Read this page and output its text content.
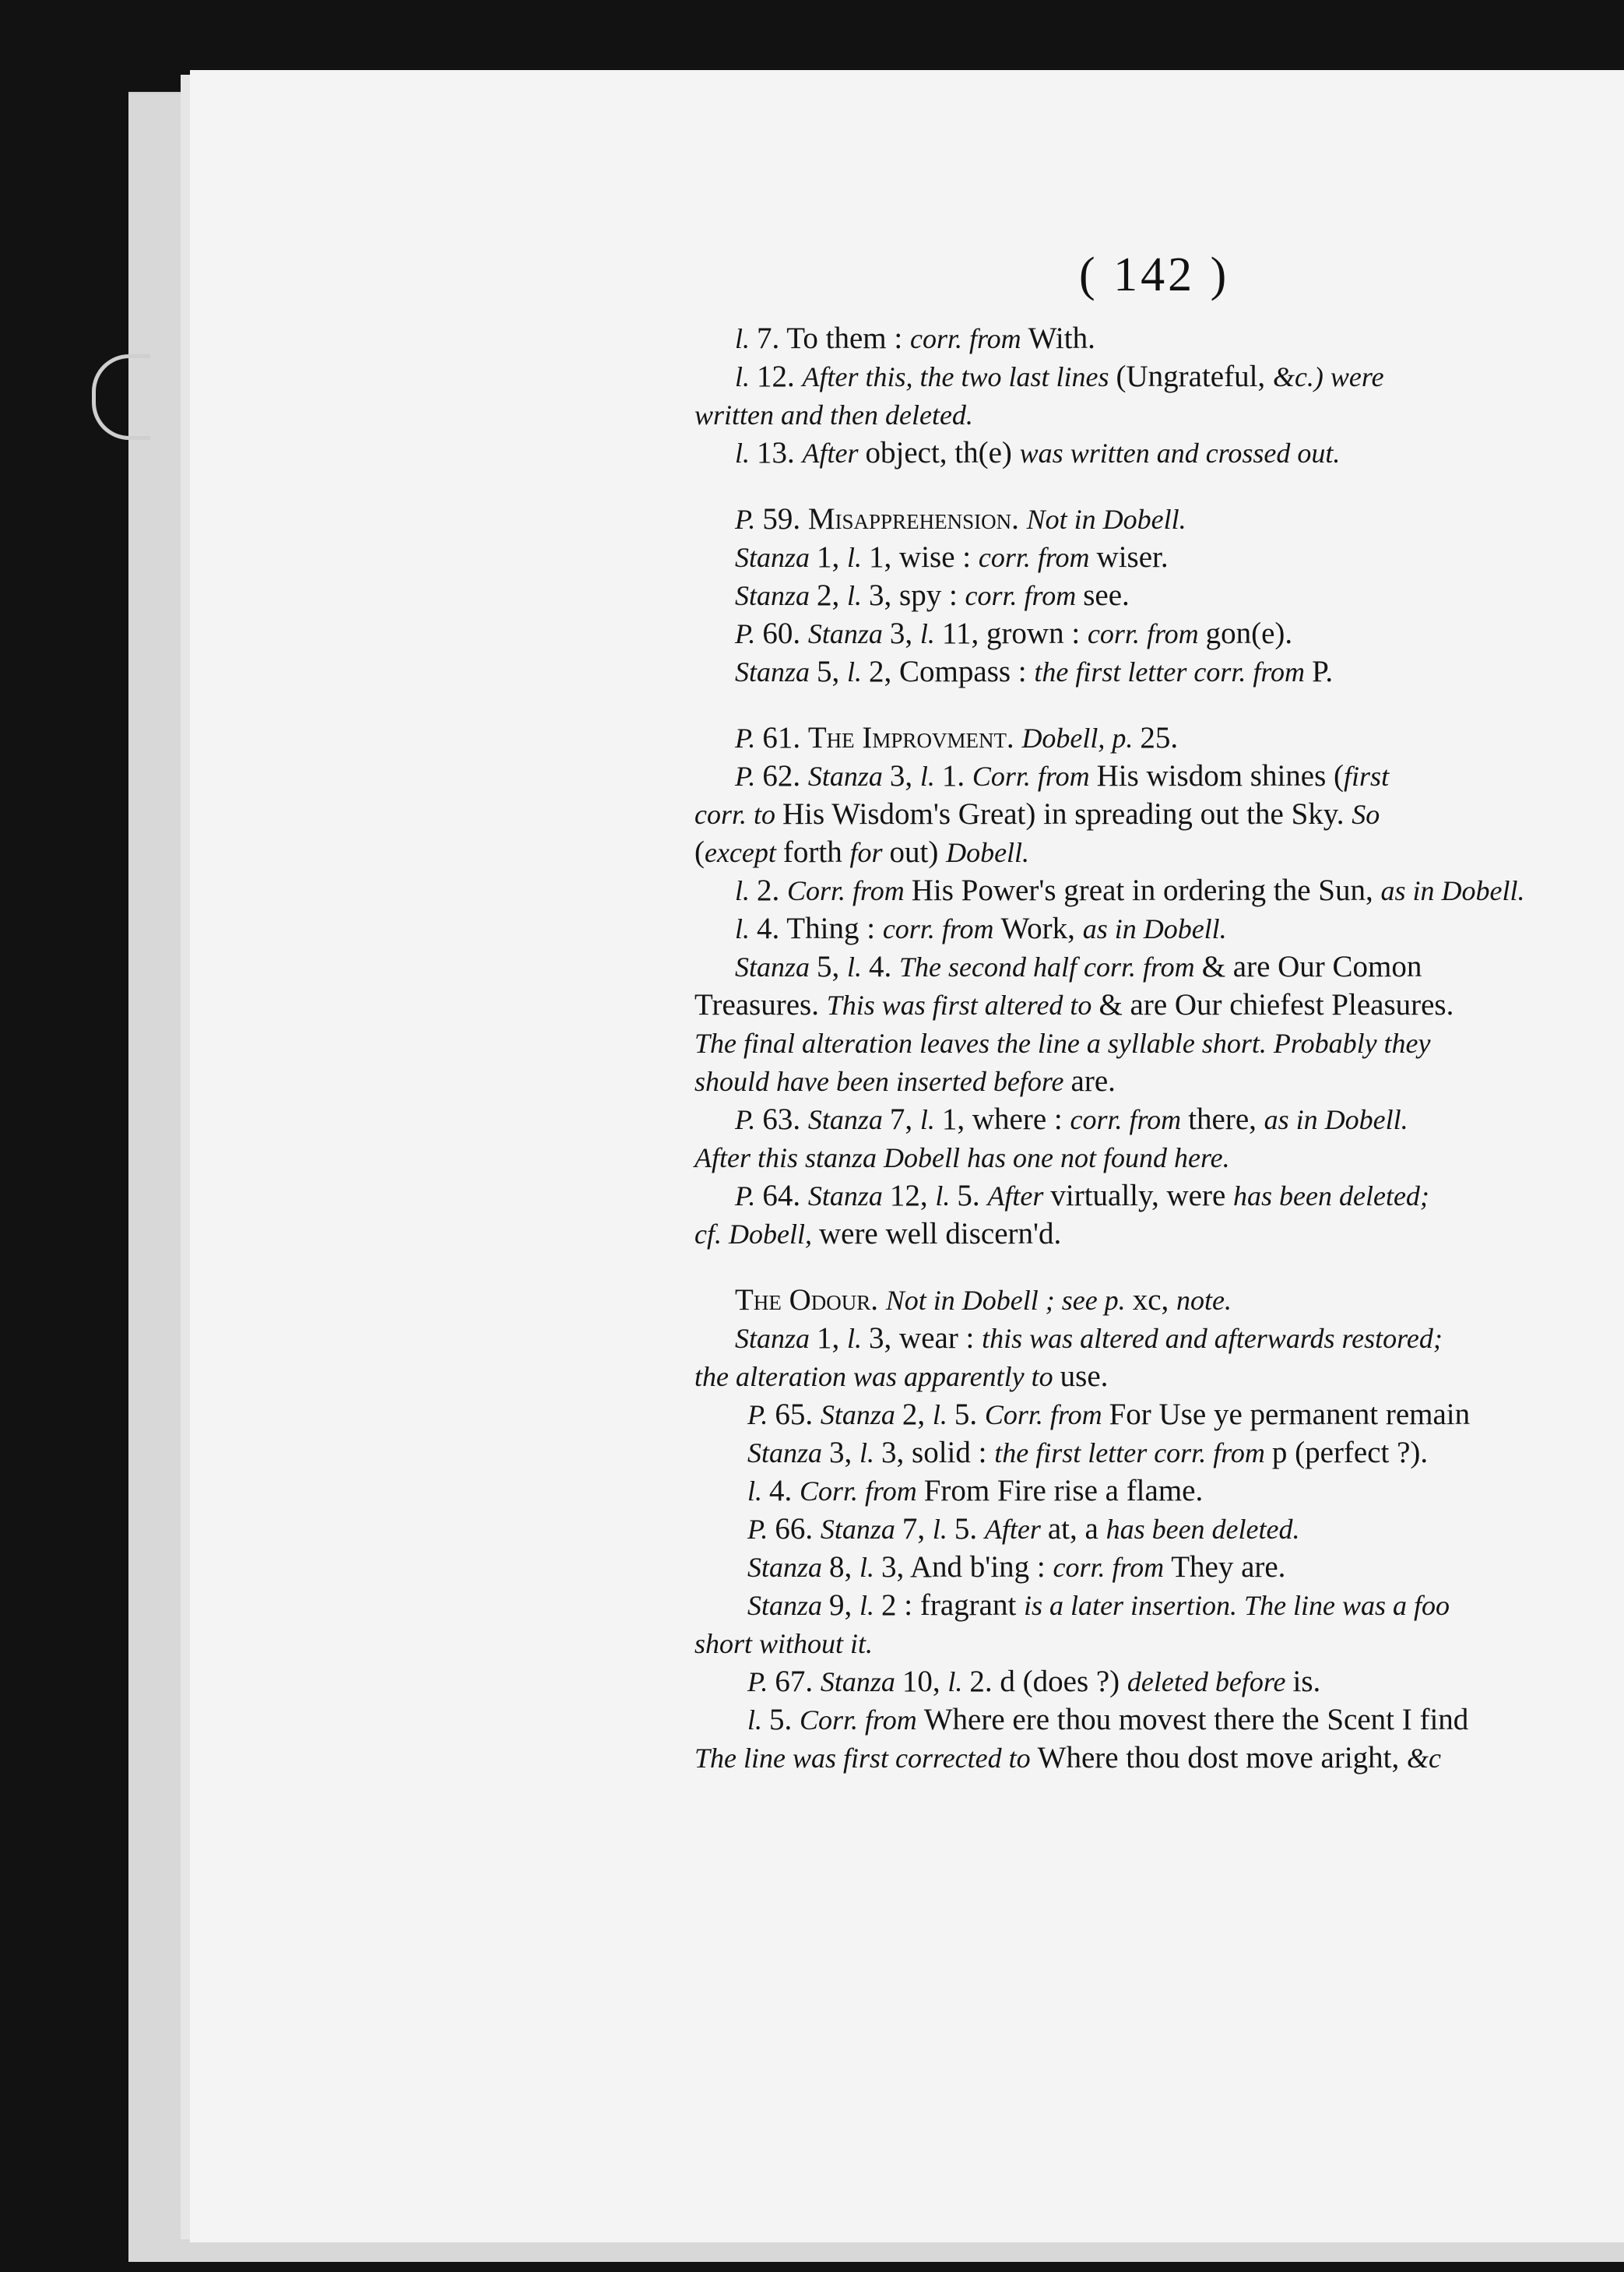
( 142 )
l. 7. To them : corr. from With.
l. 12. After this, the two last lines (Ungrateful, &c.) were
written and then deleted.
l. 13. After object, th(e) was written and crossed out.
P. 59. Misapprehension. Not in Dobell.
Stanza 1, l. 1, wise : corr. from wiser.
Stanza 2, l. 3, spy : corr. from see.
P. 60. Stanza 3, l. 11, grown : corr. from gon(e).
Stanza 5, l. 2, Compass : the first letter corr. from P.
P. 61. The Improvment. Dobell, p. 25.
P. 62. Stanza 3, l. 1. Corr. from His wisdom shines (first
corr. to His Wisdom's Great) in spreading out the Sky. So
(except forth for out) Dobell.
l. 2. Corr. from His Power's great in ordering the Sun, as in Dobell.
l. 4. Thing : corr. from Work, as in Dobell.
Stanza 5, l. 4. The second half corr. from & are Our Comon
Treasures. This was first altered to & are Our chiefest Pleasures.
The final alteration leaves the line a syllable short. Probably they
should have been inserted before are.
P. 63. Stanza 7, l. 1, where : corr. from there, as in Dobell.
After this stanza Dobell has one not found here.
P. 64. Stanza 12, l. 5. After virtually, were has been deleted;
cf. Dobell, were well discern'd.
The Odour. Not in Dobell ; see p. xc, note.
Stanza 1, l. 3, wear : this was altered and afterwards restored;
the alteration was apparently to use.
P. 65. Stanza 2, l. 5. Corr. from For Use ye permanent remain
Stanza 3, l. 3, solid : the first letter corr. from p (perfect ?).
l. 4. Corr. from From Fire rise a flame.
P. 66. Stanza 7, l. 5. After at, a has been deleted.
Stanza 8, l. 3, And b'ing : corr. from They are.
Stanza 9, l. 2 : fragrant is a later insertion. The line was a foo
short without it.
P. 67. Stanza 10, l. 2. d (does ?) deleted before is.
l. 5. Corr. from Where ere thou movest there the Scent I find
The line was first corrected to Where thou dost move aright, &c
